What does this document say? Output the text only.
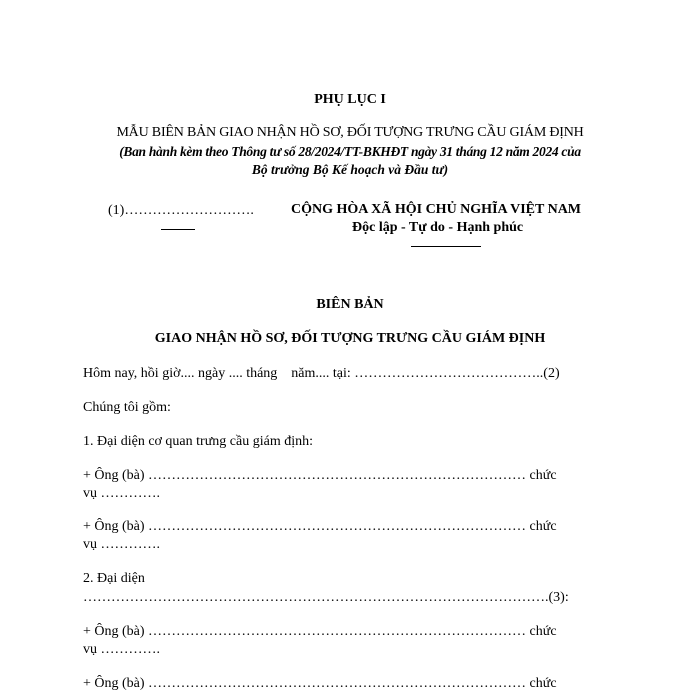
PHỤ LỤC I
MẪU BIÊN BẢN GIAO NHẬN HỒ SƠ, ĐỐI TƯỢNG TRƯNG CẦU GIÁM ĐỊNH
(Ban hành kèm theo Thông tư số 28/2024/TT-BKHĐT ngày 31 tháng 12 năm 2024 của
Bộ trưởng Bộ Kế hoạch và Đầu tư)
(1)……………………….	CỘNG HÒA XÃ HỘI CHỦ NGHĨA VIỆT NAM
Độc lập - Tự do - Hạnh phúc
BIÊN BẢN
GIAO NHẬN HỒ SƠ, ĐỐI TƯỢNG TRƯNG CẦU GIÁM ĐỊNH
Hôm nay, hồi giờ.... ngày .... tháng    năm.... tại: …………………………………..(2)
Chúng tôi gồm:
1. Đại diện cơ quan trưng cầu giám định:
+ Ông (bà) ……………………………………………………………………… chức
vụ ………….
+ Ông (bà) ……………………………………………………………………… chức
vụ ………….
2. Đại diện
……………………………………………………………………………………….(3):
+ Ông (bà) ……………………………………………………………………… chức
vụ ………….
+ Ông (bà) ……………………………………………………………………… chức
